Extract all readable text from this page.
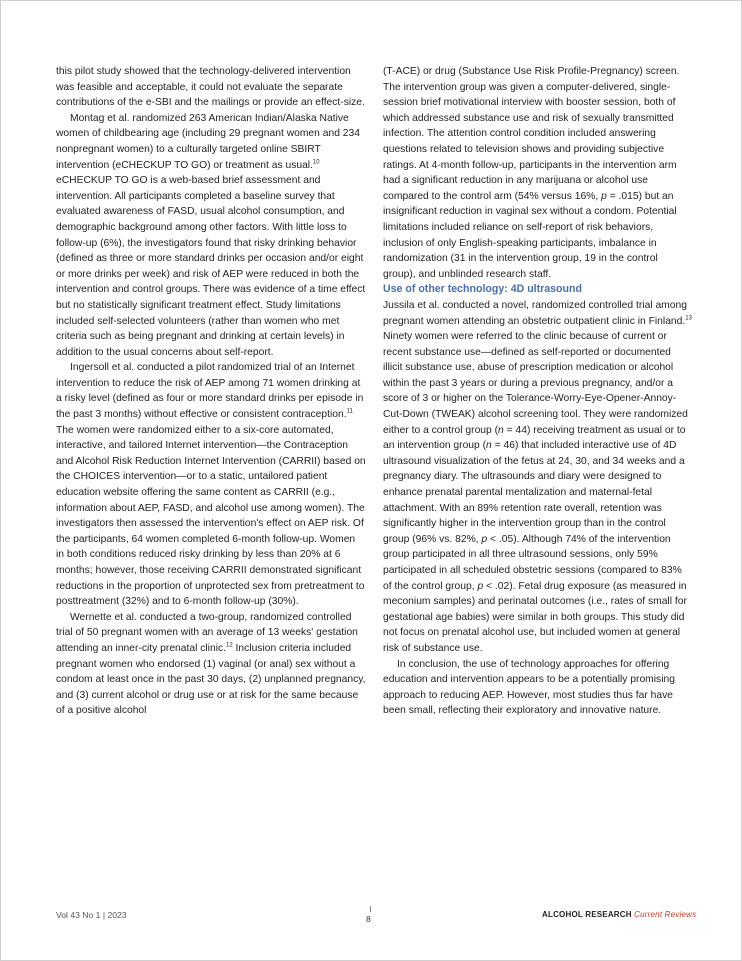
this pilot study showed that the technology-delivered intervention was feasible and acceptable, it could not evaluate the separate contributions of the e-SBI and the mailings or provide an effect-size.

Montag et al. randomized 263 American Indian/Alaska Native women of childbearing age (including 29 pregnant women and 234 nonpregnant women) to a culturally targeted online SBIRT intervention (eCHECKUP TO GO) or treatment as usual.$^{10}$ eCHECKUP TO GO is a web-based brief assessment and intervention. All participants completed a baseline survey that evaluated awareness of FASD, usual alcohol consumption, and demographic background among other factors. With little loss to follow-up (6%), the investigators found that risky drinking behavior (defined as three or more standard drinks per occasion and/or eight or more drinks per week) and risk of AEP were reduced in both the intervention and control groups. There was evidence of a time effect but no statistically significant treatment effect. Study limitations included self-selected volunteers (rather than women who met criteria such as being pregnant and drinking at certain levels) in addition to the usual concerns about self-report.

Ingersoll et al. conducted a pilot randomized trial of an Internet intervention to reduce the risk of AEP among 71 women drinking at a risky level (defined as four or more standard drinks per episode in the past 3 months) without effective or consistent contraception.$^{11}$ The women were randomized either to a six-core automated, interactive, and tailored Internet intervention—the Contraception and Alcohol Risk Reduction Internet Intervention (CARRII) based on the CHOICES intervention—or to a static, untailored patient education website offering the same content as CARRII (e.g., information about AEP, FASD, and alcohol use among women). The investigators then assessed the intervention's effect on AEP risk. Of the participants, 64 women completed 6-month follow-up. Women in both conditions reduced risky drinking by less than 20% at 6 months; however, those receiving CARRII demonstrated significant reductions in the proportion of unprotected sex from pretreatment to posttreatment (32%) and to 6-month follow-up (30%).

Wernette et al. conducted a two-group, randomized controlled trial of 50 pregnant women with an average of 13 weeks' gestation attending an inner-city prenatal clinic.$^{12}$ Inclusion criteria included pregnant women who endorsed (1) vaginal (or anal) sex without a condom at least once in the past 30 days, (2) unplanned pregnancy, and (3) current alcohol or drug use or at risk for the same because of a positive alcohol

(T-ACE) or drug (Substance Use Risk Profile-Pregnancy) screen. The intervention group was given a computer-delivered, single-session brief motivational interview with booster session, both of which addressed substance use and risk of sexually transmitted infection. The attention control condition included answering questions related to television shows and providing subjective ratings. At 4-month follow-up, participants in the intervention arm had a significant reduction in any marijuana or alcohol use compared to the control arm (54% versus 16%, p = .015) but an insignificant reduction in vaginal sex without a condom. Potential limitations included reliance on self-report of risk behaviors, inclusion of only English-speaking participants, imbalance in randomization (31 in the intervention group, 19 in the control group), and unblinded research staff.

Use of other technology: 4D ultrasound

Jussila et al. conducted a novel, randomized controlled trial among pregnant women attending an obstetric outpatient clinic in Finland.$^{13}$ Ninety women were referred to the clinic because of current or recent substance use—defined as self-reported or documented illicit substance use, abuse of prescription medication or alcohol within the past 3 years or during a previous pregnancy, and/or a score of 3 or higher on the Tolerance-Worry-Eye-Opener-Annoy-Cut-Down (TWEAK) alcohol screening tool. They were randomized either to a control group (n = 44) receiving treatment as usual or to an intervention group (n = 46) that included interactive use of 4D ultrasound visualization of the fetus at 24, 30, and 34 weeks and a pregnancy diary. The ultrasounds and diary were designed to enhance prenatal parental mentalization and maternal-fetal attachment. With an 89% retention rate overall, retention was significantly higher in the intervention group than in the control group (96% vs. 82%, p < .05). Although 74% of the intervention group participated in all three ultrasound sessions, only 59% participated in all scheduled obstetric sessions (compared to 83% of the control group, p < .02). Fetal drug exposure (as measured in meconium samples) and perinatal outcomes (i.e., rates of small for gestational age babies) were similar in both groups. This study did not focus on prenatal alcohol use, but included women at general risk of substance use.

In conclusion, the use of technology approaches for offering education and intervention appears to be a potentially promising approach to reducing AEP. However, most studies thus far have been small, reflecting their exploratory and innovative nature.

Vol 43 No 1 | 2023	8	ALCOHOL RESEARCH Current Reviews
